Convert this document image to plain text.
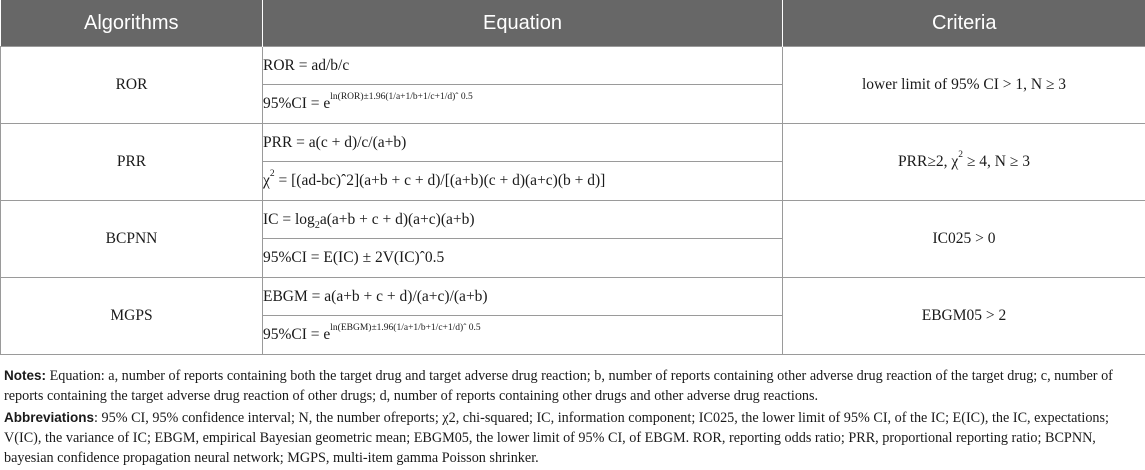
Algorithms	Equation	Criteria
ROR	ROR = ad/b/c	lower limit of 95% CI > 1, N ≥ 3
	$95\%CI = e^{ln(ROR)\pm 1.96(1/a+1/b+1/c+1/d)ˆ 0.5}$
PRR	PRR = a(c + d)/c/(a+b)	PRR≥2, $\chi^2 \ge 4$, N ≥ 3
	$\chi^2$ = [(ad-bc)ˆ2](a+b + c + d)/[(a+b)(c + d)(a+c)(b + d)]	
BCPNN	IC = $\log_2a(a+b + c + d)(a+c)(a+b)$	IC025 > 0
	95%CI = E(IC) ± 2V(IC)ˆ0.5	
MGPS	EBGM = a(a+b + c + d)/(a+c)/(a+b)	EBGM05 > 2
	$95\%CI = e^{ln(EBGM)\pm 1.96(1/a+1/b+1/c+1/d)ˆ 0.5}$

Notes: Equation: a, number of reports containing both the target drug and target adverse drug reaction; b, number of reports containing other adverse drug reaction of the target drug; c, number of reports containing the target adverse drug reaction of other drugs; d, number of reports containing other drugs and other adverse drug reactions.

Abbreviations: 95% CI, 95% confidence interval; N, the number ofreports; χ2, chi-squared; IC, information component; IC025, the lower limit of 95% CI, of the IC; E(IC), the IC, expectations; V(IC), the variance of IC; EBGM, empirical Bayesian geometric mean; EBGM05, the lower limit of 95% CI, of EBGM. ROR, reporting odds ratio; PRR, proportional reporting ratio; BCPNN, bayesian confidence propagation neural network; MGPS, multi-item gamma Poisson shrinker.
